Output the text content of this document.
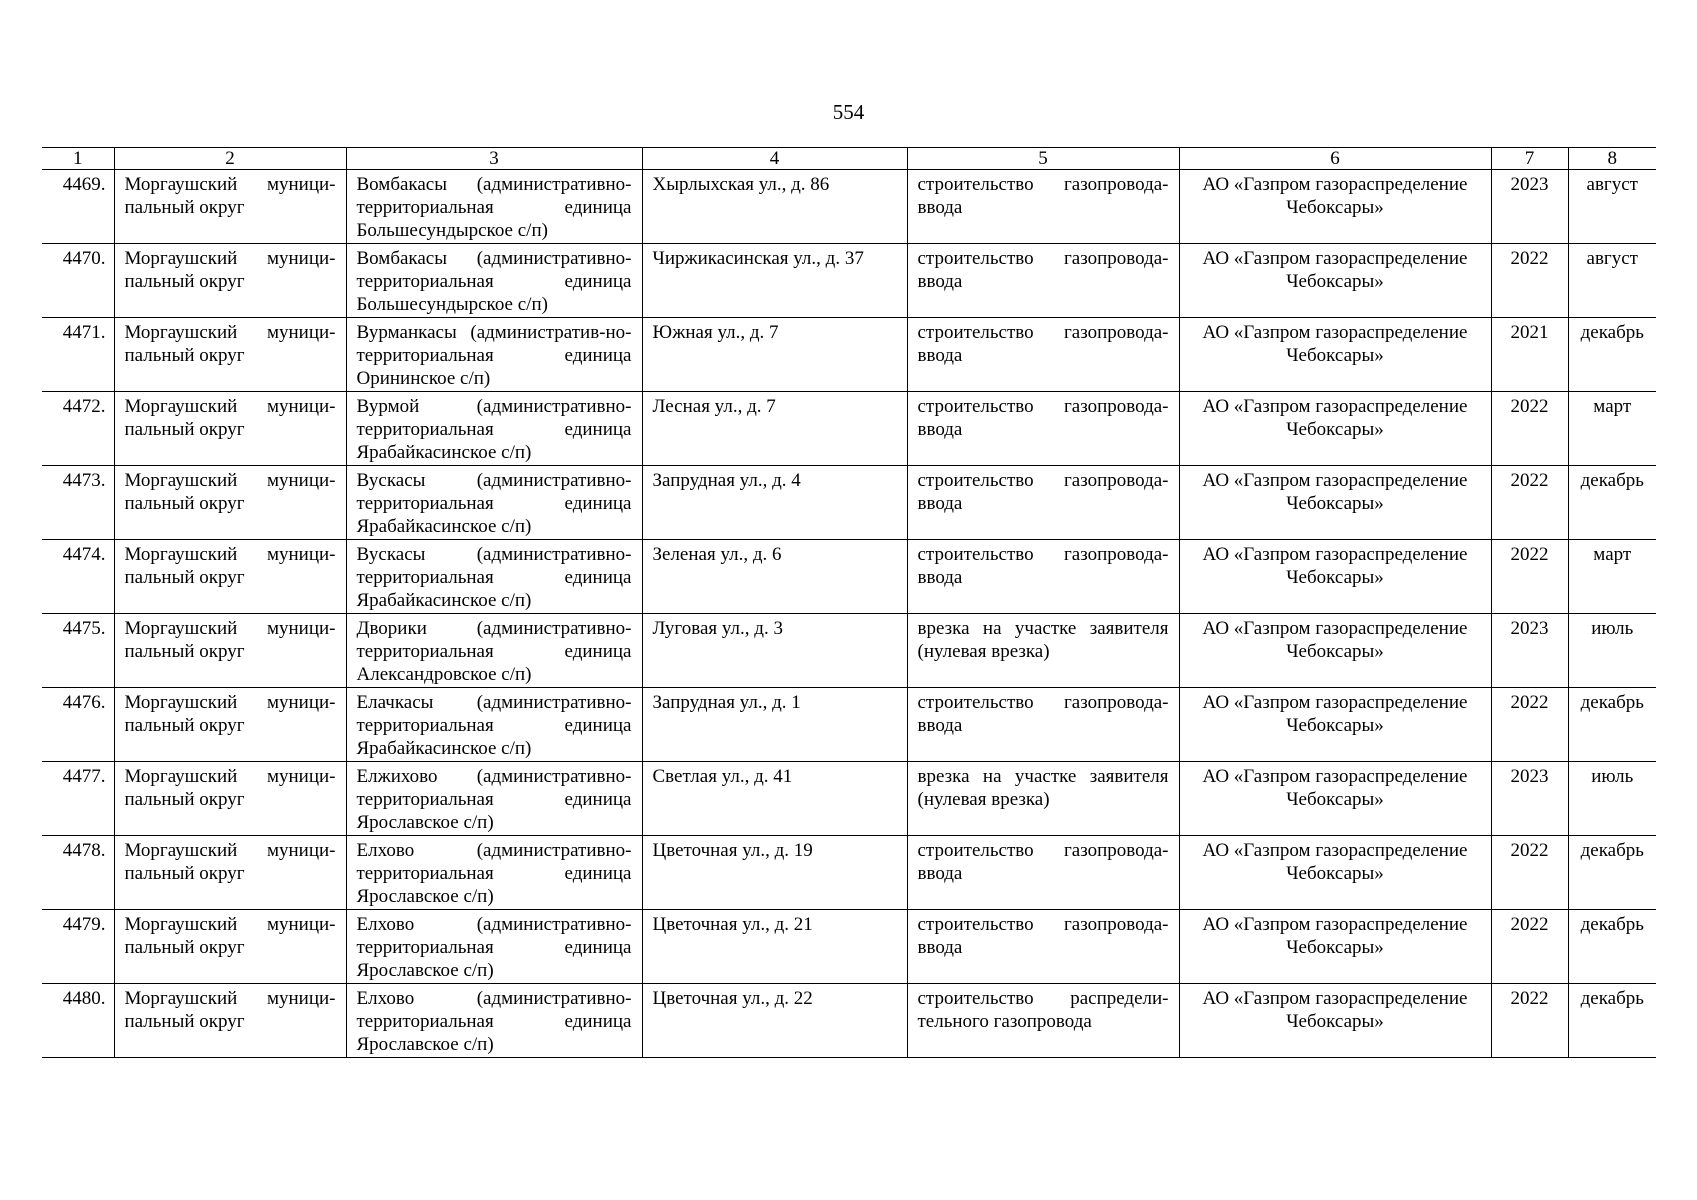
554
1	2	3	4	5	6	7	8
4469.	Моргаушский муници-пальный округ	Вомбакасы (административно-территориальная единица Большесундырское с/п)	Хырлыхская ул., д. 86	строительство газопровода-ввода	АО «Газпром газораспределение Чебоксары»	2023	август
4470.	Моргаушский муници-пальный округ	Вомбакасы (административно-территориальная единица Большесундырское с/п)	Чиржикасинская ул., д. 37	строительство газопровода-ввода	АО «Газпром газораспределение Чебоксары»	2022	август
4471.	Моргаушский муници-пальный округ	Вурманкасы (административ-но-территориальная единица Орининское с/п)	Южная ул., д. 7	строительство газопровода-ввода	АО «Газпром газораспределение Чебоксары»	2021	декабрь
4472.	Моргаушский муници-пальный округ	Вурмой (административно-территориальная единица Ярабайкасинское с/п)	Лесная ул., д. 7	строительство газопровода-ввода	АО «Газпром газораспределение Чебоксары»	2022	март
4473.	Моргаушский муници-пальный округ	Вускасы (административно-территориальная единица Ярабайкасинское с/п)	Запрудная ул., д. 4	строительство газопровода-ввода	АО «Газпром газораспределение Чебоксары»	2022	декабрь
4474.	Моргаушский муници-пальный округ	Вускасы (административно-территориальная единица Ярабайкасинское с/п)	Зеленая ул., д. 6	строительство газопровода-ввода	АО «Газпром газораспределение Чебоксары»	2022	март
4475.	Моргаушский муници-пальный округ	Дворики (административно-территориальная единица Александровское с/п)	Луговая ул., д. 3	врезка на участке заявителя (нулевая врезка)	АО «Газпром газораспределение Чебоксары»	2023	июль
4476.	Моргаушский муници-пальный округ	Елачкасы (административно-территориальная единица Ярабайкасинское с/п)	Запрудная ул., д. 1	строительство газопровода-ввода	АО «Газпром газораспределение Чебоксары»	2022	декабрь
4477.	Моргаушский муници-пальный округ	Елжихово (административно-территориальная единица Ярославское с/п)	Светлая ул., д. 41	врезка на участке заявителя (нулевая врезка)	АО «Газпром газораспределение Чебоксары»	2023	июль
4478.	Моргаушский муници-пальный округ	Елхово (административно-территориальная единица Ярославское с/п)	Цветочная ул., д. 19	строительство газопровода-ввода	АО «Газпром газораспределение Чебоксары»	2022	декабрь
4479.	Моргаушский муници-пальный округ	Елхово (административно-территориальная единица Ярославское с/п)	Цветочная ул., д. 21	строительство газопровода-ввода	АО «Газпром газораспределение Чебоксары»	2022	декабрь
4480.	Моргаушский муници-пальный округ	Елхово (административно-территориальная единица Ярославское с/п)	Цветочная ул., д. 22	строительство распредели-тельного газопровода	АО «Газпром газораспределение Чебоксары»	2022	декабрь
